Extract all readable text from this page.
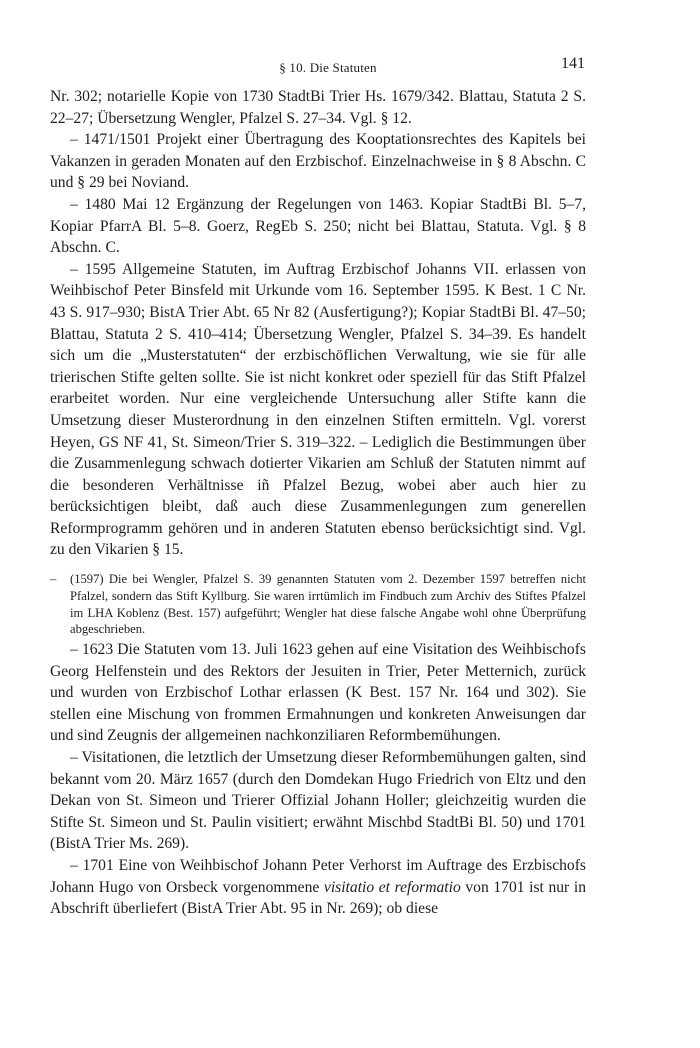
§ 10. Die Statuten	141

Nr. 302; notarielle Kopie von 1730 StadtBi Trier Hs. 1679/342. Blattau, Statuta 2 S. 22–27; Übersetzung Wengler, Pfalzel S. 27–34. Vgl. § 12.

– 1471/1501 Projekt einer Übertragung des Kooptationsrechtes des Kapitels bei Vakanzen in geraden Monaten auf den Erzbischof. Einzelnachweise in § 8 Abschn. C und § 29 bei Noviand.

– 1480 Mai 12 Ergänzung der Regelungen von 1463. Kopiar StadtBi Bl. 5–7, Kopiar PfarrA Bl. 5–8. Goerz, RegEb S. 250; nicht bei Blattau, Statuta. Vgl. § 8 Abschn. C.

– 1595 Allgemeine Statuten, im Auftrag Erzbischof Johanns VII. erlassen von Weihbischof Peter Binsfeld mit Urkunde vom 16. September 1595. K Best. 1 C Nr. 43 S. 917–930; BistA Trier Abt. 65 Nr 82 (Ausfertigung?); Kopiar StadtBi Bl. 47–50; Blattau, Statuta 2 S. 410–414; Übersetzung Wengler, Pfalzel S. 34–39. Es handelt sich um die „Musterstatuten“ der erzbischöflichen Verwaltung, wie sie für alle trierischen Stifte gelten sollte. Sie ist nicht konkret oder speziell für das Stift Pfalzel erarbeitet worden. Nur eine vergleichende Untersuchung aller Stifte kann die Umsetzung dieser Musterordnung in den einzelnen Stiften ermitteln. Vgl. vorerst Heyen, GS NF 41, St. Simeon/Trier S. 319–322. – Lediglich die Bestimmungen über die Zusammenlegung schwach dotierter Vikarien am Schluß der Statuten nimmt auf die besonderen Verhältnisse iñ Pfalzel Bezug, wobei aber auch hier zu berücksichtigen bleibt, daß auch diese Zusammenlegungen zum generellen Reformprogramm gehören und in anderen Statuten ebenso berücksichtigt sind. Vgl. zu den Vikarien § 15.

– (1597) Die bei Wengler, Pfalzel S. 39 genannten Statuten vom 2. Dezember 1597 betreffen nicht Pfalzel, sondern das Stift Kyllburg. Sie waren irrtümlich im Findbuch zum Archiv des Stiftes Pfalzel im LHA Koblenz (Best. 157) aufgeführt; Wengler hat diese falsche Angabe wohl ohne Überprüfung abgeschrieben.

– 1623 Die Statuten vom 13. Juli 1623 gehen auf eine Visitation des Weihbischofs Georg Helfenstein und des Rektors der Jesuiten in Trier, Peter Metternich, zurück und wurden von Erzbischof Lothar erlassen (K Best. 157 Nr. 164 und 302). Sie stellen eine Mischung von frommen Ermahnungen und konkreten Anweisungen dar und sind Zeugnis der allgemeinen nachkonziliaren Reformbemühungen.

– Visitationen, die letztlich der Umsetzung dieser Reformbemühungen galten, sind bekannt vom 20. März 1657 (durch den Domdekan Hugo Friedrich von Eltz und den Dekan von St. Simeon und Trierer Offizial Johann Holler; gleichzeitig wurden die Stifte St. Simeon und St. Paulin visitiert; erwähnt Mischbd StadtBi Bl. 50) und 1701 (BistA Trier Ms. 269).

– 1701 Eine von Weihbischof Johann Peter Verhorst im Auftrage des Erzbischofs Johann Hugo von Orsbeck vorgenommene visitatio et reformatio von 1701 ist nur in Abschrift überliefert (BistA Trier Abt. 95 in Nr. 269); ob diese
